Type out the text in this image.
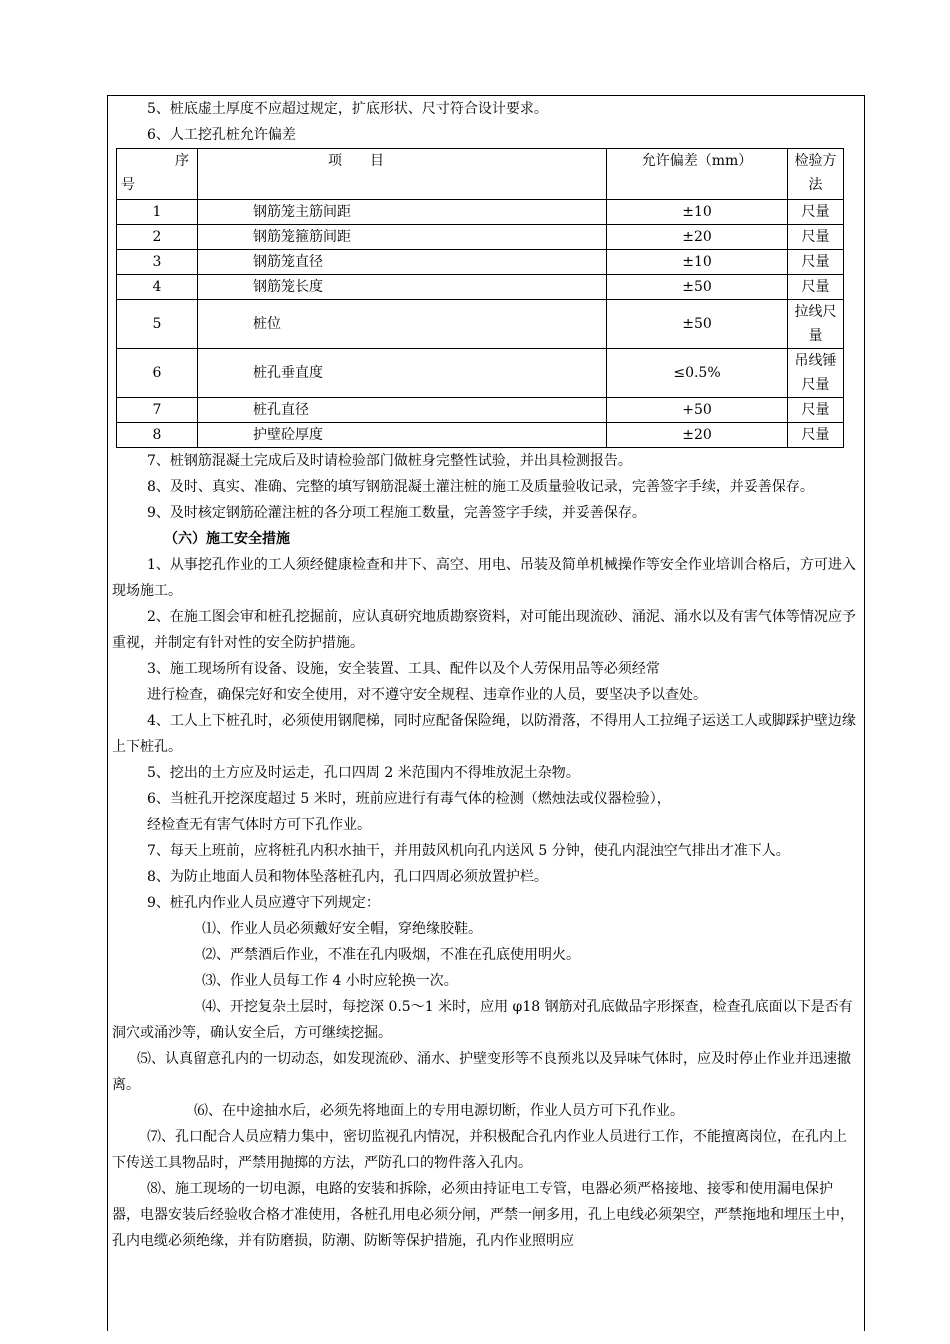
5、桩底虚土厚度不应超过规定，扩底形状、尺寸符合设计要求。

6、人工挖孔桩允许偏差

序
号	项　　目	允许偏差（mm）	检验方法
1	钢筋笼主筋间距	±10	尺量
2	钢筋笼箍筋间距	±20	尺量
3	钢筋笼直径	±10	尺量
4	钢筋笼长度	±50	尺量
5	桩位	±50	拉线尺量
6	桩孔垂直度	≤0.5%	吊线锤尺量
7	桩孔直径	+50	尺量
8	护壁砼厚度	±20	尺量

7、桩钢筋混凝土完成后及时请检验部门做桩身完整性试验，并出具检测报告。

8、及时、真实、准确、完整的填写钢筋混凝土灌注桩的施工及质量验收记录，完善签字手续，并妥善保存。

9、及时核定钢筋砼灌注桩的各分项工程施工数量，完善签字手续，并妥善保存。

（六）施工安全措施

1、从事挖孔作业的工人须经健康检查和井下、高空、用电、吊装及简单机械操作等安全作业培训合格后，方可进入现场施工。

2、在施工图会审和桩孔挖掘前，应认真研究地质勘察资料，对可能出现流砂、涌泥、涌水以及有害气体等情况应予重视，并制定有针对性的安全防护措施。

3、施工现场所有设备、设施，安全装置、工具、配件以及个人劳保用品等必须经常

进行检查，确保完好和安全使用，对不遵守安全规程、违章作业的人员，要坚决予以查处。

4、工人上下桩孔时，必须使用钢爬梯，同时应配备保险绳，以防滑落，不得用人工拉绳子运送工人或脚踩护壁边缘上下桩孔。

5、挖出的土方应及时运走，孔口四周 2 米范围内不得堆放泥土杂物。

6、当桩孔开挖深度超过 5 米时，班前应进行有毒气体的检测（燃烛法或仪器检验），

经检查无有害气体时方可下孔作业。

7、每天上班前，应将桩孔内积水抽干，并用鼓风机向孔内送风 5 分钟，使孔内混浊空气排出才准下人。

8、为防止地面人员和物体坠落桩孔内，孔口四周必须放置护栏。

9、桩孔内作业人员应遵守下列规定：

⑴、作业人员必须戴好安全帽，穿绝缘胶鞋。

⑵、严禁酒后作业，不准在孔内吸烟，不准在孔底使用明火。

⑶、作业人员每工作 4 小时应轮换一次。

⑷、开挖复杂土层时，每挖深 0.5～1 米时，应用 φ18 钢筋对孔底做品字形探查，检查孔底面以下是否有洞穴或涌沙等，确认安全后，方可继续挖掘。

⑸、认真留意孔内的一切动态，如发现流砂、涌水、护壁变形等不良预兆以及异味气体时，应及时停止作业并迅速撤离。

⑹、在中途抽水后，必须先将地面上的专用电源切断，作业人员方可下孔作业。

⑺、孔口配合人员应精力集中，密切监视孔内情况，并积极配合孔内作业人员进行工作，不能擅离岗位，在孔内上下传送工具物品时，严禁用抛掷的方法，严防孔口的物件落入孔内。

⑻、施工现场的一切电源，电路的安装和拆除，必须由持证电工专管，电器必须严格接地、接零和使用漏电保护器，电器安装后经验收合格才准使用，各桩孔用电必须分闸，严禁一闸多用，孔上电线必须架空，严禁拖地和埋压土中，孔内电缆必须绝缘，并有防磨损，防潮、防断等保护措施，孔内作业照明应
